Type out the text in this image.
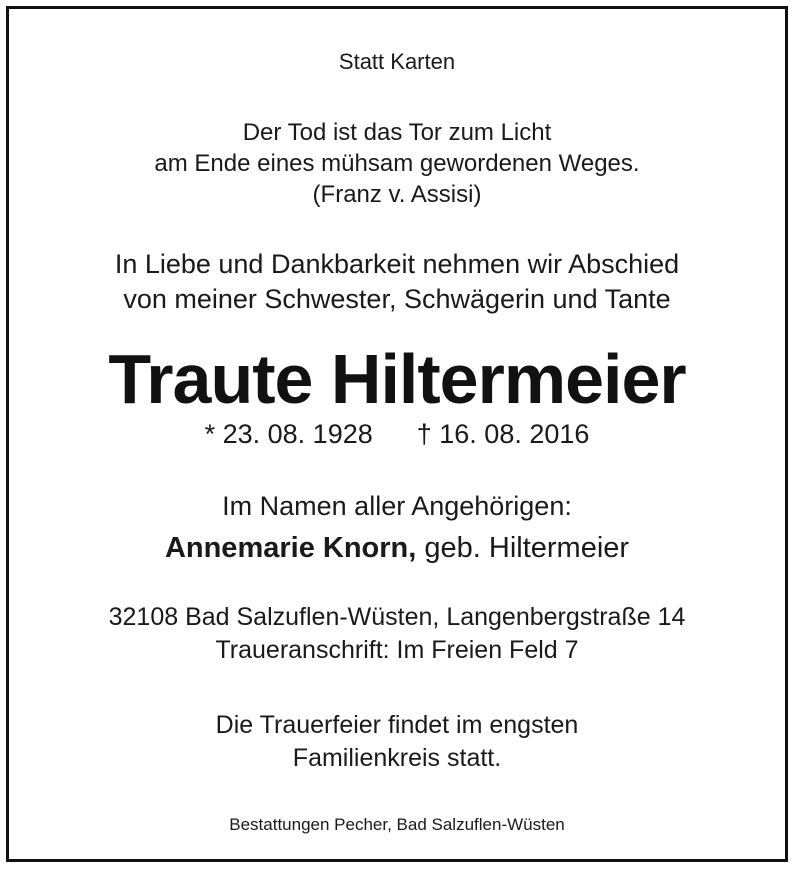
Statt Karten
Der Tod ist das Tor zum Licht
am Ende eines mühsam gewordenen Weges.
(Franz v. Assisi)
In Liebe und Dankbarkeit nehmen wir Abschied
von meiner Schwester, Schwägerin und Tante
Traute Hiltermeier
* 23. 08. 1928 † 16. 08. 2016
Im Namen aller Angehörigen:
Annemarie Knorn, geb. Hiltermeier
32108 Bad Salzuflen-Wüsten, Langenbergstraße 14
Traueranschrift: Im Freien Feld 7
Die Trauerfeier findet im engsten
Familienkreis statt.
Bestattungen Pecher, Bad Salzuflen-Wüsten
